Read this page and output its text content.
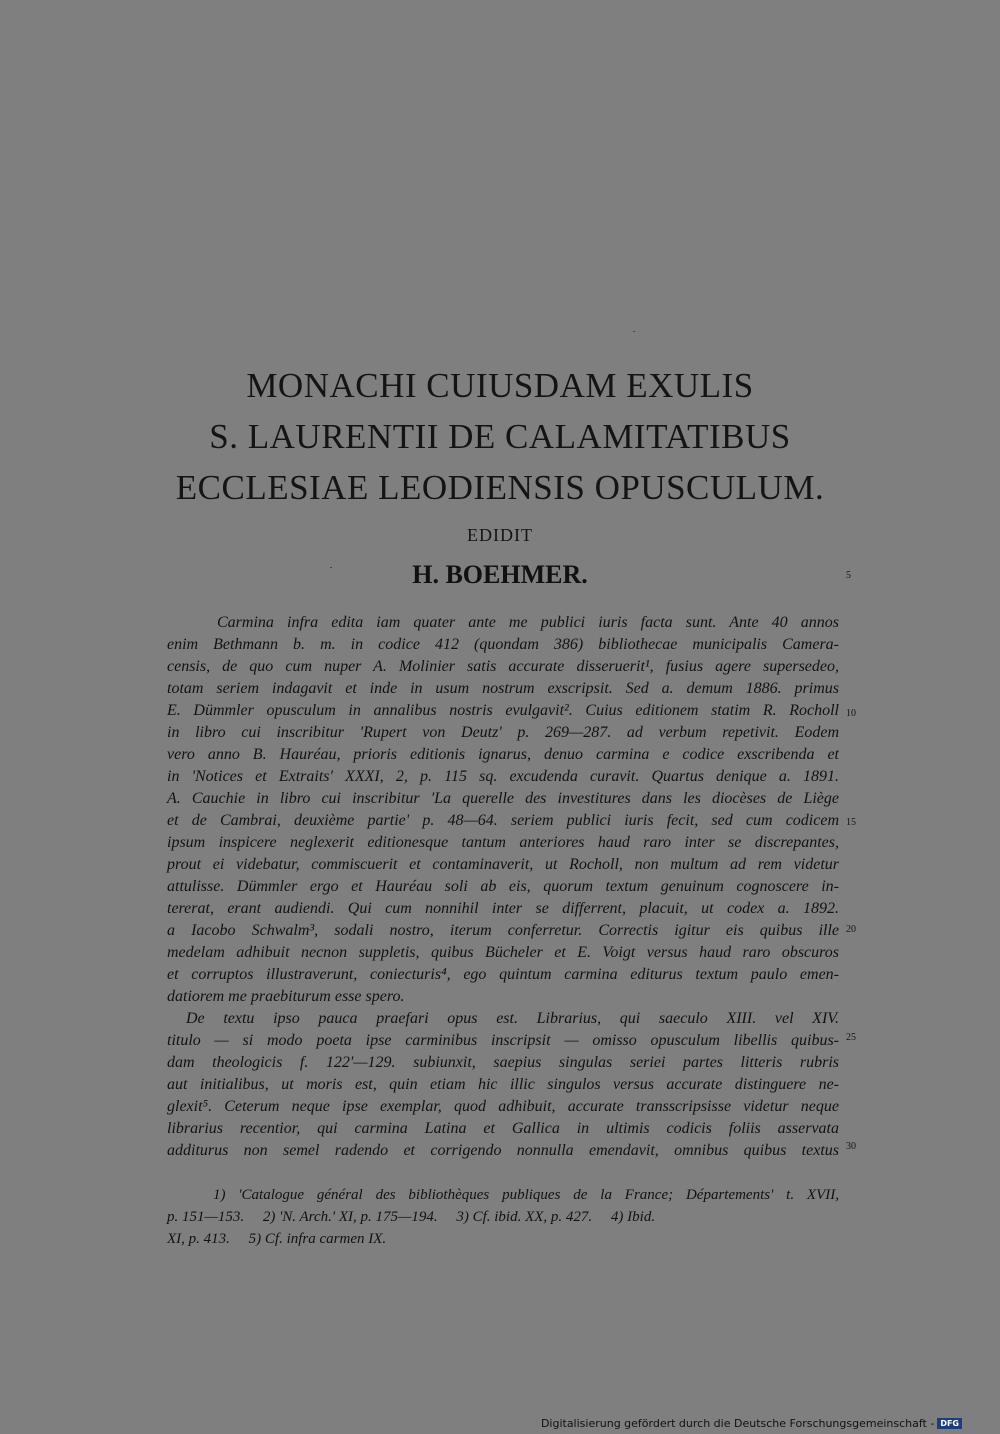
MONACHI CUIUSDAM EXULIS
S. LAURENTII DE CALAMITATIBUS
ECCLESIAE LEODIENSIS OPUSCULUM.
EDIDIT
H. BOEHMER.	5
Carmina infra edita iam quater ante me publici iuris facta sunt. Ante 40 annos
enim Bethmann b. m. in codice 412 (quondam 386) bibliothecae municipalis Camera-
censis, de quo cum nuper A. Molinier satis accurate disseruerit¹, fusius agere supersedeo,
totam seriem indagavit et inde in usum nostrum exscripsit. Sed a. demum 1886. primus
E. Dümmler opusculum in annalibus nostris evulgavit². Cuius editionem statim R. Rocholl
in libro cui inscribitur 'Rupert von Deutz' p. 269—287. ad verbum repetivit. Eodem
vero anno B. Hauréau, prioris editionis ignarus, denuo carmina e codice exscribenda et
in 'Notices et Extraits' XXXI, 2, p. 115 sq. excudenda curavit. Quartus denique a. 1891.
A. Cauchie in libro cui inscribitur 'La querelle des investitures dans les diocèses de Liège
et de Cambrai, deuxième partie' p. 48—64. seriem publici iuris fecit, sed cum codicem
ipsum inspicere neglexerit editionesque tantum anteriores haud raro inter se discrepantes,
prout ei videbatur, commiscuerit et contaminaverit, ut Rocholl, non multum ad rem videtur
attulisse. Dümmler ergo et Hauréau soli ab eis, quorum textum genuinum cognoscere in-
tererat, erant audiendi. Qui cum nonnihil inter se differrent, placuit, ut codex a. 1892.
a Iacobo Schwalm³, sodali nostro, iterum conferretur. Correctis igitur eis quibus ille
medelam adhibuit necnon suppletis, quibus Bücheler et E. Voigt versus haud raro obscuros
et corruptos illustraverunt, coniecturis⁴, ego quintum carmina editurus textum paulo emen-
datiorem me praebiturum esse spero.
De textu ipso pauca praefari opus est. Librarius, qui saeculo XIII. vel XIV.
titulo — si modo poeta ipse carminibus inscripsit — omisso opusculum libellis quibus-
dam theologicis f. 122'—129. subiunxit, saepius singulas seriei partes litteris rubris
aut initialibus, ut moris est, quin etiam hic illic singulos versus accurate distinguere ne-
glexit⁵. Ceterum neque ipse exemplar, quod adhibuit, accurate transscripsisse videtur neque
librarius recentior, qui carmina Latina et Gallica in ultimis codicis foliis asservata
additurus non semel radendo et corrigendo nonnulla emendavit, omnibus quibus textus
10
15
20
25
30
1) 'Catalogue général des bibliothèques publiques de la France; Départements' t. XVII,
p. 151—153.     2) 'N. Arch.' XI, p. 175—194.     3) Cf. ibid. XX, p. 427.     4) Ibid.
XI, p. 413.     5) Cf. infra carmen IX.
Digitalisierung gefördert durch die Deutsche Forschungsgemeinschaft - DFG
